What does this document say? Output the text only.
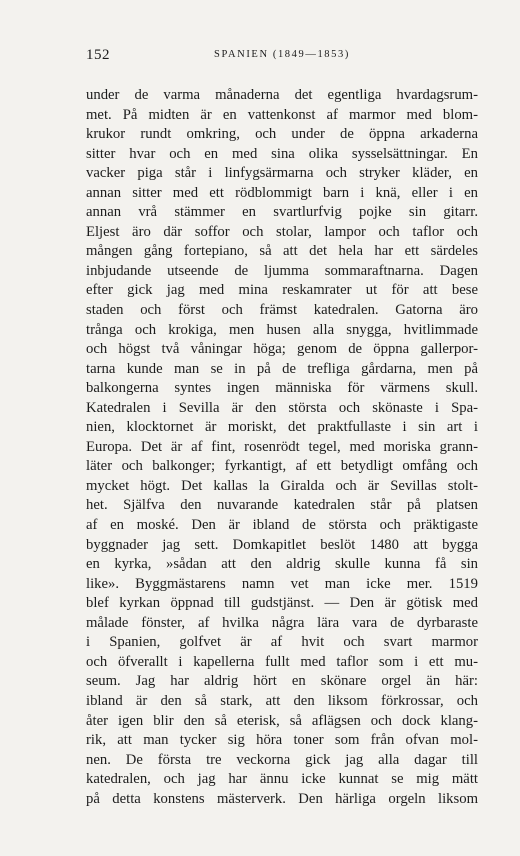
152	SPANIEN (1849—1853)
under de varma månaderna det egentliga hvardagsrum-
met. På midten är en vattenkonst af marmor med blom-
krukor rundt omkring, och under de öppna arkaderna
sitter hvar och en med sina olika sysselsättningar. En
vacker piga står i linfygsärmarna och stryker kläder, en
annan sitter med ett rödblommigt barn i knä, eller i en
annan vrå stämmer en svartlurfvig pojke sin gitarr.
Eljest äro där soffor och stolar, lampor och taflor och
mången gång fortepiano, så att det hela har ett särdeles
inbjudande utseende de ljumma sommaraftnarna. Dagen
efter gick jag med mina reskamrater ut för att bese
staden och först och främst katedralen. Gatorna äro
trånga och krokiga, men husen alla snygga, hvitlimmade
och högst två våningar höga; genom de öppna gallerpor-
tarna kunde man se in på de trefliga gårdarna, men på
balkongerna syntes ingen människa för värmens skull.
Katedralen i Sevilla är den största och skönaste i Spa-
nien, klocktornet är moriskt, det praktfullaste i sin art i
Europa. Det är af fint, rosenrödt tegel, med moriska grann-
läter och balkonger; fyrkantigt, af ett betydligt omfång och
mycket högt. Det kallas la Giralda och är Sevillas stolt-
het. Själfva den nuvarande katedralen står på platsen
af en moské. Den är ibland de största och präktigaste
byggnader jag sett. Domkapitlet beslöt 1480 att bygga
en kyrka, »sådan att den aldrig skulle kunna få sin
like». Byggmästarens namn vet man icke mer. 1519
blef kyrkan öppnad till gudstjänst. — Den är götisk med
målade fönster, af hvilka några lära vara de dyrbaraste
i Spanien, golfvet är af hvit och svart marmor
och öfverallt i kapellerna fullt med taflor som i ett mu-
seum. Jag har aldrig hört en skönare orgel än här:
ibland är den så stark, att den liksom förkrossar, och
åter igen blir den så eterisk, så aflägsen och dock klang-
rik, att man tycker sig höra toner som från ofvan mol-
nen. De första tre veckorna gick jag alla dagar till
katedralen, och jag har ännu icke kunnat se mig mätt
på detta konstens mästerverk. Den härliga orgeln liksom
